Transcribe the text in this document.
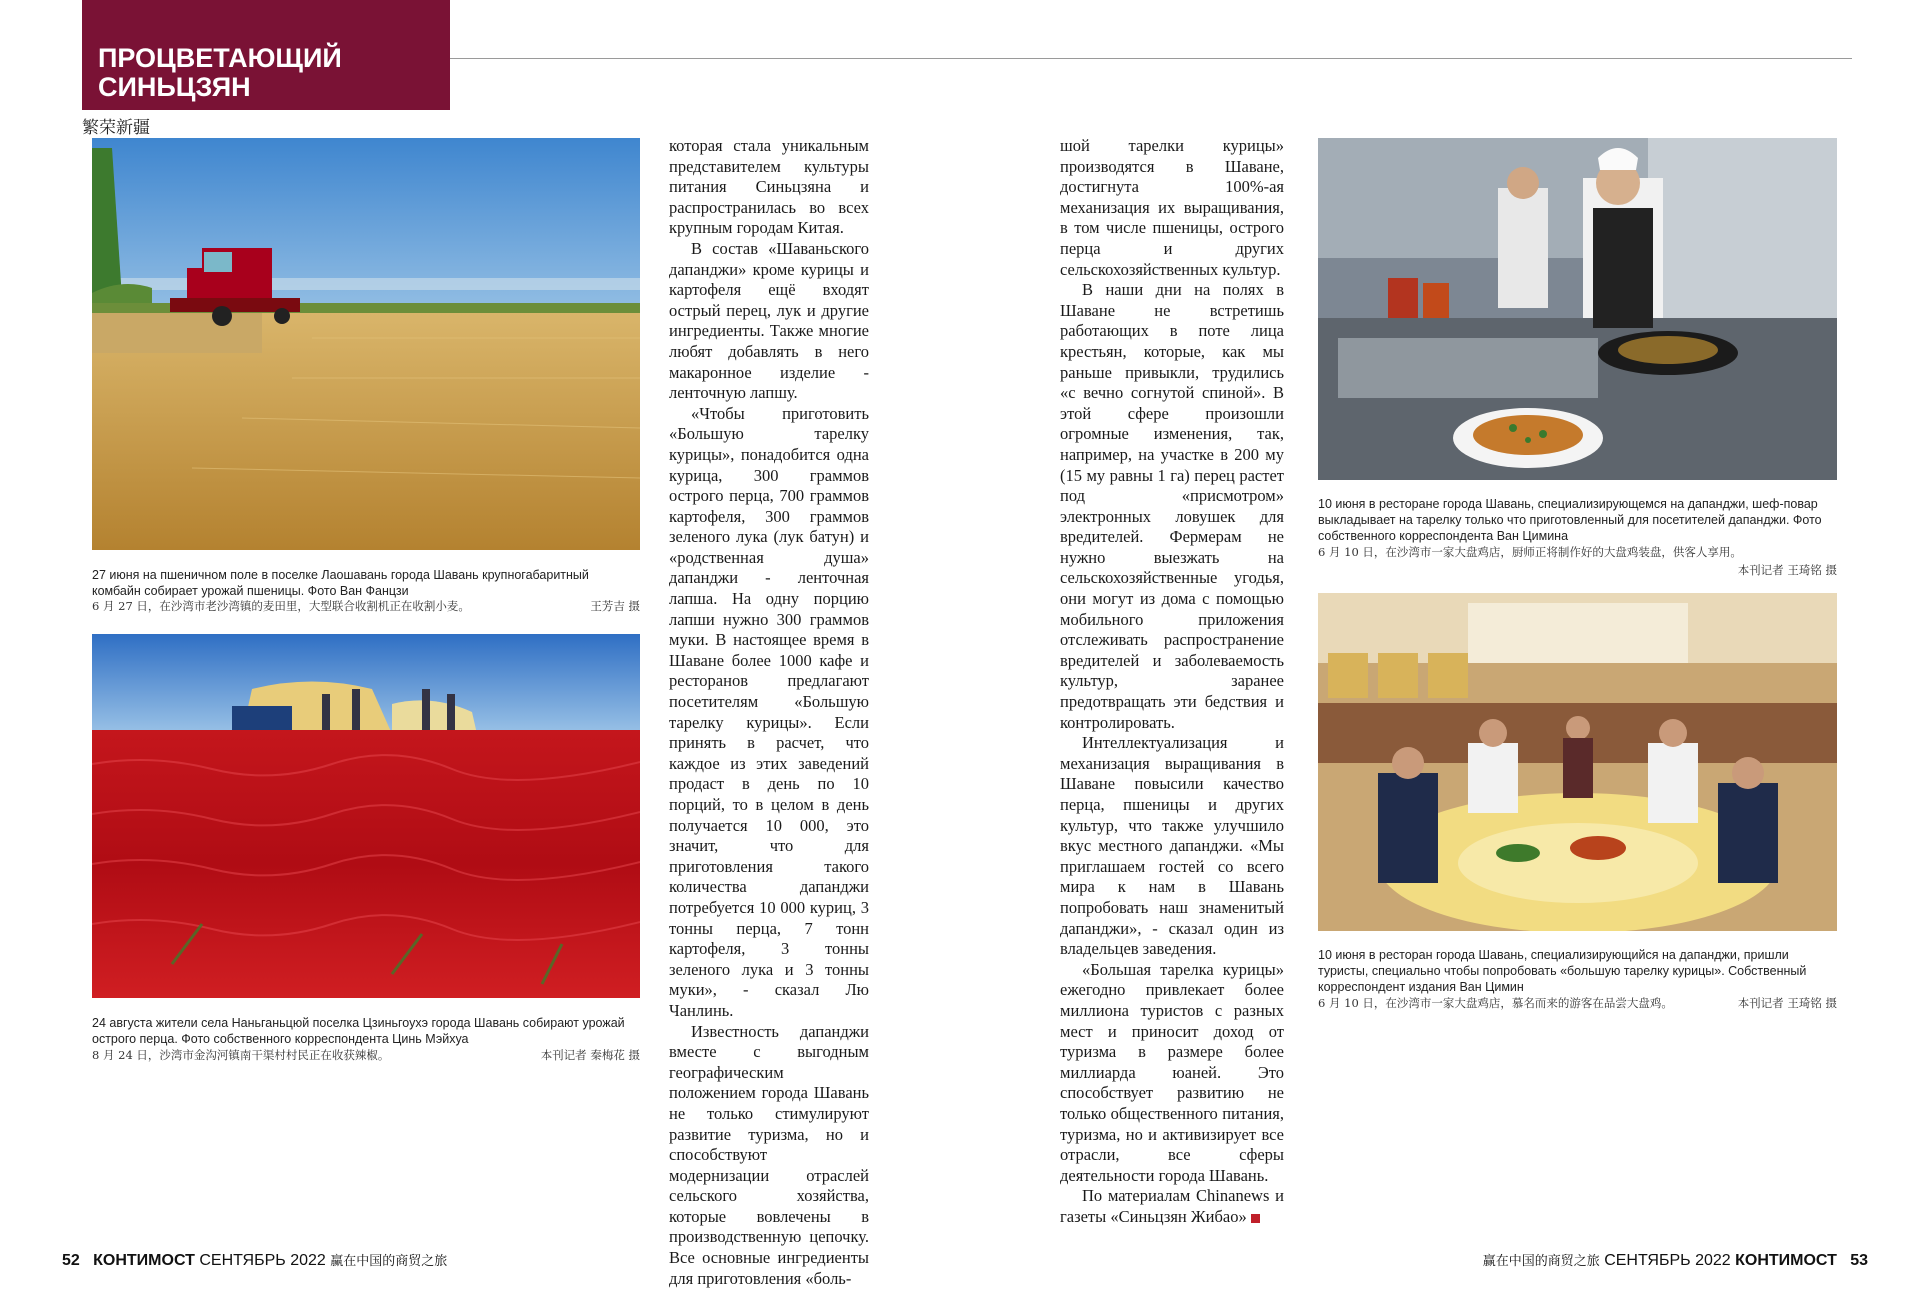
ПРОЦВЕТАЮЩИЙ
СИНЬЦЗЯН
繁荣新疆
27 июня на пшеничном поле в поселке Лаошавань города Шавань крупногабаритный комбайн собирает урожай пшеницы. Фото Ван Фанцзи
6 月 27 日，在沙湾市老沙湾镇的麦田里，大型联合收割机正在收割小麦。	王芳吉 摄
24 августа жители села Наньганьцюй поселка Цзиньгоухэ города Шавань собирают урожай острого перца. Фото собственного корреспондента Цинь Мэйхуа
8 月 24 日，沙湾市金沟河镇南干渠村村民正在收获辣椒。	本刊记者 秦梅花 摄

которая стала уникальным представителем культуры питания Синьцзяна и распространилась во всех крупным городам Китая.

В состав «Шаваньского дапанджи» кроме курицы и картофеля ещё входят острый перец, лук и другие ингредиенты. Также многие любят добавлять в него макаронное изделие - ленточную лапшу.

«Чтобы приготовить «Большую тарелку курицы», понадобится одна курица, 300 граммов острого перца, 700 граммов картофеля, 300 граммов зеленого лука (лук батун) и «родственная душа» дапанджи - ленточная лапша. На одну порцию лапши нужно 300 граммов муки. В настоящее время в Шаване более 1000 кафе и ресторанов предлагают посетителям «Большую тарелку курицы». Если принять в расчет, что каждое из этих заведений продаст в день по 10 порций, то в целом в день получается 10 000, это значит, что для приготовления такого количества дапанджи потребуется 10 000 куриц, 3 тонны перца, 7 тонн картофеля, 3 тонны зеленого лука и 3 тонны муки», - сказал Лю Чанлинь.

Известность дапанджи вместе с выгодным географическим положением города Шавань не только стимулируют развитие туризма, но и способствуют модернизации отраслей сельского хозяйства, которые вовлечены в производственную цепочку. Все основные ингредиенты для приготовления «боль-

шой тарелки курицы» производятся в Шаване, достигнута 100%-ая механизация их выращивания, в том числе пшеницы, острого перца и других сельскохозяйственных культур.

В наши дни на полях в Шаване не встретишь работающих в поте лица крестьян, которые, как мы раньше привыкли, трудились «с вечно согнутой спиной». В этой сфере произошли огромные изменения, так, например, на участке в 200 му (15 му равны 1 га) перец растет под «присмотром» электронных ловушек для вредителей. Фермерам не нужно выезжать на сельскохозяйственные угодья, они могут из дома с помощью мобильного приложения отслеживать распространение вредителей и заболеваемость культур, заранее предотвращать эти бедствия и контролировать.

Интеллектуализация и механизация выращивания в Шаване повысили качество перца, пшеницы и других культур, что также улучшило вкус местного дапанджи. «Мы приглашаем гостей со всего мира к нам в Шавань попробовать наш знаменитый дапанджи», - сказал один из владельцев заведения.

«Большая тарелка курицы» ежегодно привлекает более миллиона туристов с разных мест и приносит доход от туризма в размере более миллиарда юаней. Это способствует развитию не только общественного питания, туризма, но и активизирует все отрасли, все сферы деятельности города Шавань.

По материалам Chinanews и газеты «Синьцзян Жибао»

10 июня в ресторане города Шавань, специализирующемся на дапанджи, шеф-повар выкладывает на тарелку только что приготовленный для посетителей дапанджи. Фото собственного корреспондента Ван Цимина
6 月 10 日，在沙湾市一家大盘鸡店，厨师正将制作好的大盘鸡装盘，供客人享用。
本刊记者 王琦铭 摄
10 июня в ресторан города Шавань, специализирующийся на дапанджи, пришли туристы, специально чтобы попробовать «большую тарелку курицы». Собственный корреспондент издания Ван Цимин
6 月 10 日，在沙湾市一家大盘鸡店，慕名而来的游客在品尝大盘鸡。	本刊记者 王琦铭 摄
52 КОНТИМОСТ СЕНТЯБРЬ 2022 赢在中国的商贸之旅	赢在中国的商贸之旅 СЕНТЯБРЬ 2022 КОНТИМОСТ 53
